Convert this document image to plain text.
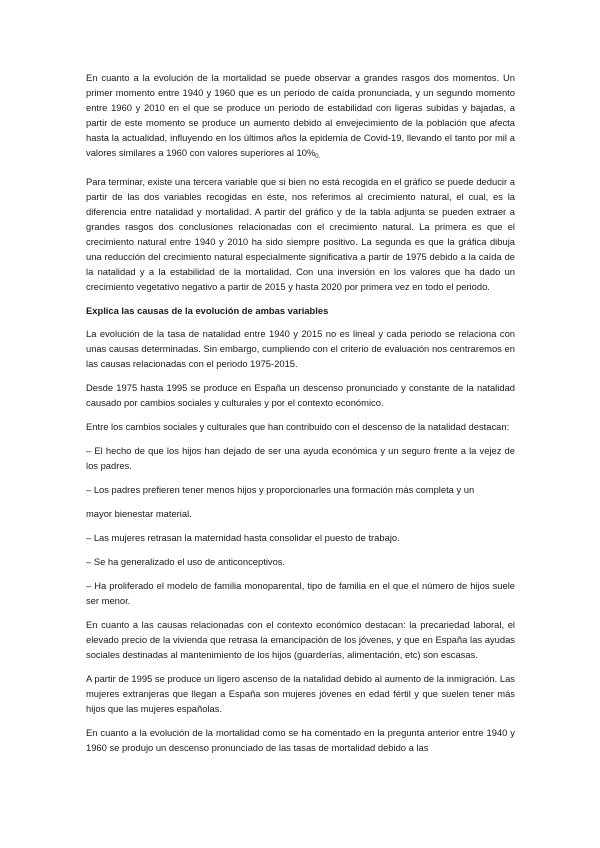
En cuanto a la evolución de la mortalidad se puede observar a grandes rasgos dos momentos. Un primer momento entre 1940 y 1960 que es un periodo de caída pronunciada, y un segundo momento entre 1960 y 2010 en el que se produce un periodo de estabilidad con ligeras subidas y bajadas, a partir de este momento se produce un aumento debido al envejecimiento de la población que afecta hasta la actualidad, influyendo en los últimos años la epidemia de Covid-19, llevando el tanto por mil a valores similares a 1960 con valores superiores al $10\%_{0.}$

Para terminar, existe una tercera variable que si bien no está recogida en el gráfico se puede deducir a partir de las dos variables recogidas en éste, nos referimos al crecimiento natural, el cual, es la diferencia entre natalidad y mortalidad. A partir del gráfico y de la tabla adjunta se pueden extraer a grandes rasgos dos conclusiones relacionadas con el crecimiento natural. La primera es que el crecimiento natural entre 1940 y 2010 ha sido siempre positivo. La segunda es que la gráfica dibuja una reducción del crecimiento natural especialmente significativa a partir de 1975 debido a la caída de la natalidad y a la estabilidad de la mortalidad. Con una inversión en los valores que ha dado un crecimiento vegetativo negativo a partir de 2015 y hasta 2020 por primera vez en todo el periodo.

Explica las causas de la evolución de ambas variables

La evolución de la tasa de natalidad entre 1940 y 2015 no es lineal y cada periodo se relaciona con unas causas determinadas. Sin embargo, cumpliendo con el criterio de evaluación nos centraremos en las causas relacionadas con el periodo 1975-2015.

Desde 1975 hasta 1995 se produce en España un descenso pronunciado y constante de la natalidad causado por cambios sociales y culturales y por el contexto económico.

Entre los cambios sociales y culturales que han contribuido con el descenso de la natalidad destacan:

– El hecho de que los hijos han dejado de ser una ayuda económica y un seguro frente a la vejez de los padres.

– Los padres prefieren tener menos hijos y proporcionarles una formación más completa y un

mayor bienestar material.

– Las mujeres retrasan la maternidad hasta consolidar el puesto de trabajo.

– Se ha generalizado el uso de anticonceptivos.

– Ha proliferado el modelo de familia monoparental, tipo de familia en el que el número de hijos suele ser menor.

En cuanto a las causas relacionadas con el contexto económico destacan: la precariedad laboral, el elevado precio de la vivienda que retrasa la emancipación de los jóvenes, y que en España las ayudas sociales destinadas al mantenimiento de los hijos (guarderías, alimentación, etc) son escasas.

A partir de 1995 se produce un ligero ascenso de la natalidad debido al aumento de la inmigración. Las mujeres extranjeras que llegan a España son mujeres jóvenes en edad fértil y que suelen tener más hijos que las mujeres españolas.

En cuanto a la evolución de la mortalidad como se ha comentado en la pregunta anterior entre 1940 y 1960 se produjo un descenso pronunciado de las tasas de mortalidad debido a las
